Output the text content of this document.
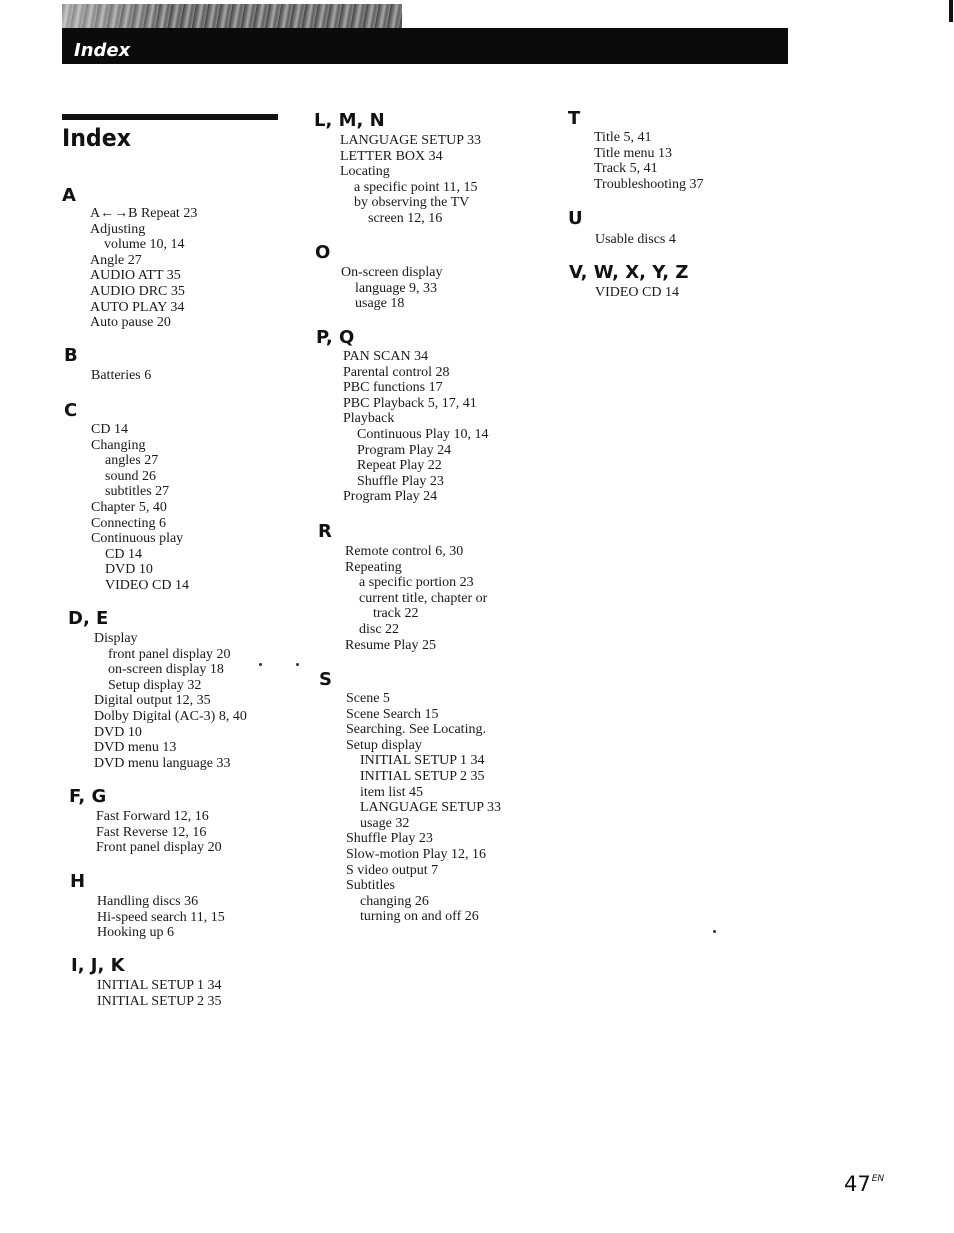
Index
Index
A
A←→B Repeat 23
Adjusting
volume 10, 14
Angle 27
AUDIO ATT 35
AUDIO DRC 35
AUTO PLAY 34
Auto pause 20
B
Batteries 6
C
CD 14
Changing
angles 27
sound 26
subtitles 27
Chapter 5, 40
Connecting 6
Continuous play
CD 14
DVD 10
VIDEO CD 14
D, E
Display
front panel display 20
on-screen display 18
Setup display 32
Digital output 12, 35
Dolby Digital (AC-3) 8, 40
DVD 10
DVD menu 13
DVD menu language 33
F, G
Fast Forward 12, 16
Fast Reverse 12, 16
Front panel display 20
H
Handling discs 36
Hi-speed search 11, 15
Hooking up 6
I, J, K
INITIAL SETUP 1 34
INITIAL SETUP 2 35
L, M, N
LANGUAGE SETUP 33
LETTER BOX 34
Locating
a specific point 11, 15
by observing the TV
screen 12, 16
O
On-screen display
language 9, 33
usage 18
P, Q
PAN SCAN 34
Parental control 28
PBC functions 17
PBC Playback 5, 17, 41
Playback
Continuous Play 10, 14
Program Play 24
Repeat Play 22
Shuffle Play 23
Program Play 24
R
Remote control 6, 30
Repeating
a specific portion 23
current title, chapter or
track 22
disc 22
Resume Play 25
S
Scene 5
Scene Search 15
Searching. See Locating.
Setup display
INITIAL SETUP 1 34
INITIAL SETUP 2 35
item list 45
LANGUAGE SETUP 33
usage 32
Shuffle Play 23
Slow-motion Play 12, 16
S video output 7
Subtitles
changing 26
turning on and off 26
T
Title 5, 41
Title menu 13
Track 5, 41
Troubleshooting 37
U
Usable discs 4
V, W, X, Y, Z
VIDEO CD 14
$47^{EN}$
